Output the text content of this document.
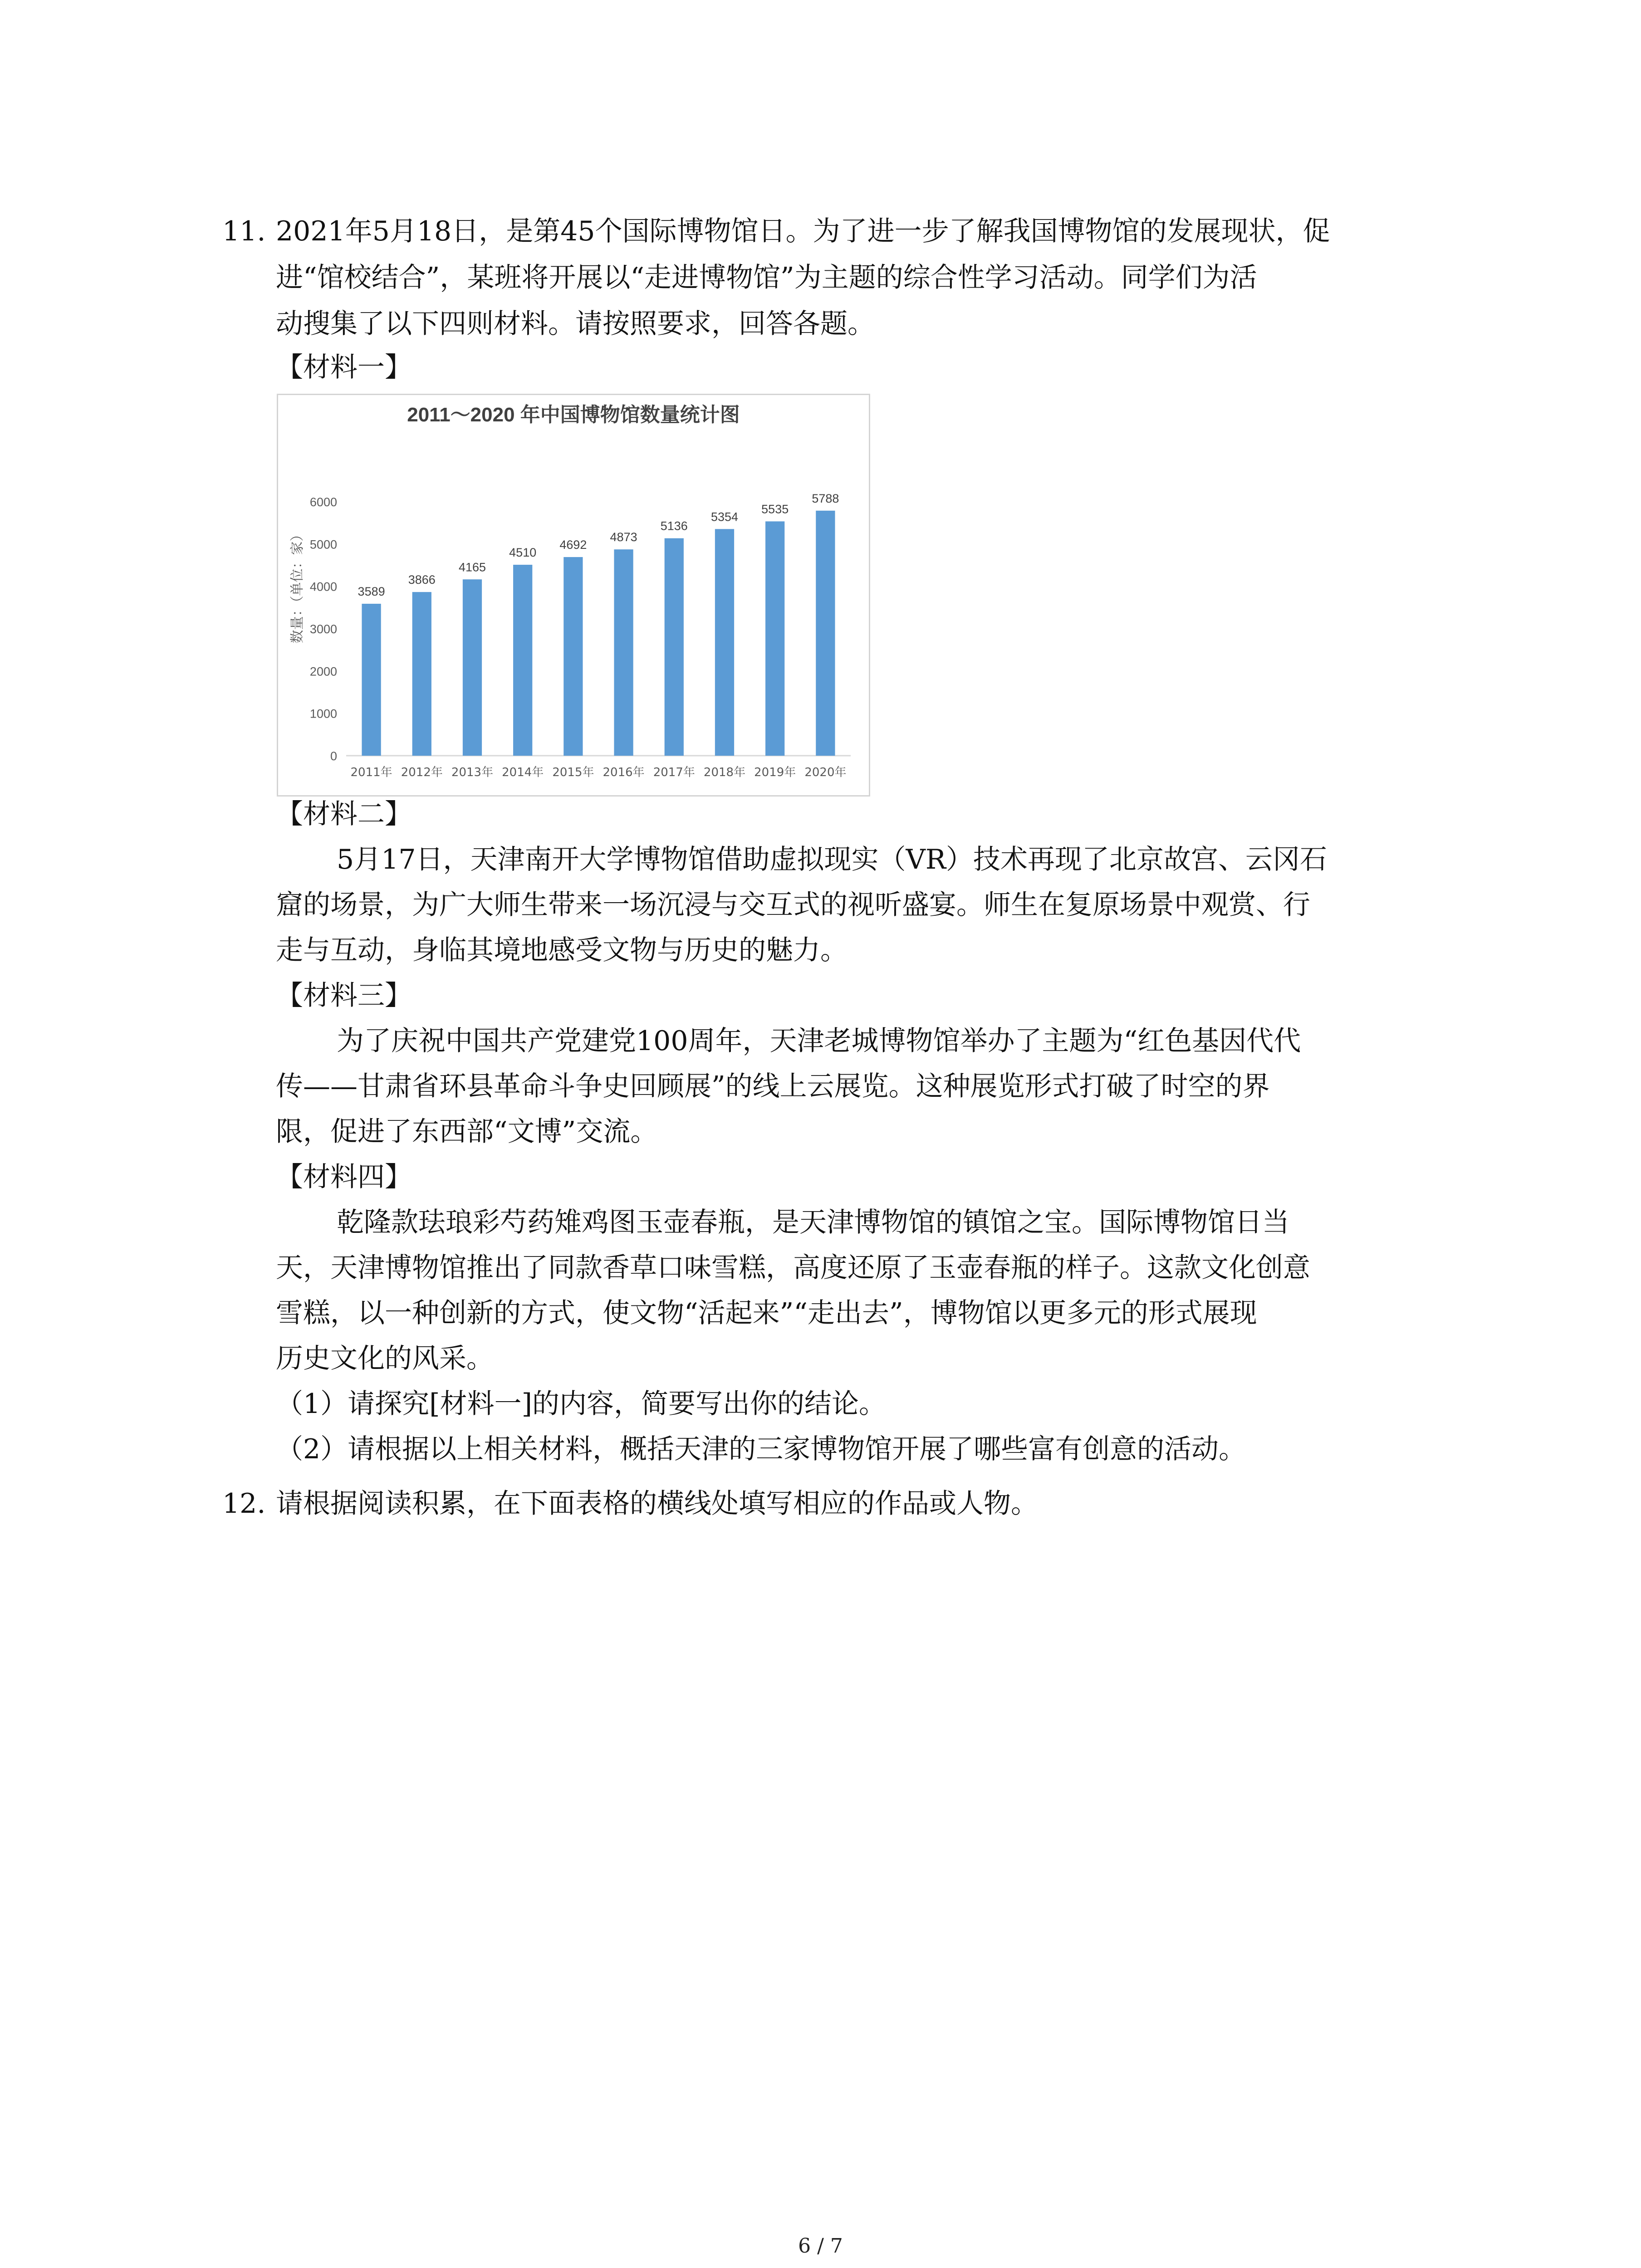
11. 2021年5月18日，是第45个国际博物馆日。为了进一步了解我国博物馆的发展现状，促
进“馆校结合”，某班将开展以“走进博物馆”为主题的综合性学习活动。同学们为活
动搜集了以下四则材料。请按照要求，回答各题。
【材料一】
2011～2020 年中国博物馆数量统计图
数量：（单位：家）
0
1000
2000
3000
4000
5000
6000
3589
2011年
3866
2012年
4165
2013年
4510
2014年
4692
2015年
4873
2016年
5136
2017年
5354
2018年
5535
2019年
5788
2020年
【材料二】
5月17日，天津南开大学博物馆借助虚拟现实（VR）技术再现了北京故宫、云冈石
窟的场景，为广大师生带来一场沉浸与交互式的视听盛宴。师生在复原场景中观赏、行
走与互动，身临其境地感受文物与历史的魅力。
【材料三】
为了庆祝中国共产党建党100周年，天津老城博物馆举办了主题为“红色基因代代
传——甘肃省环县革命斗争史回顾展”的线上云展览。这种展览形式打破了时空的界
限，促进了东西部“文博”交流。
【材料四】
乾隆款珐琅彩芍药雉鸡图玉壶春瓶，是天津博物馆的镇馆之宝。国际博物馆日当
天，天津博物馆推出了同款香草口味雪糕，高度还原了玉壶春瓶的样子。这款文化创意
雪糕，以一种创新的方式，使文物“活起来”“走出去”，博物馆以更多元的形式展现
历史文化的风采。
（1）请探究[材料一]的内容，简要写出你的结论。
（2）请根据以上相关材料，概括天津的三家博物馆开展了哪些富有创意的活动。
12. 请根据阅读积累，在下面表格的横线处填写相应的作品或人物。
6 / 7
